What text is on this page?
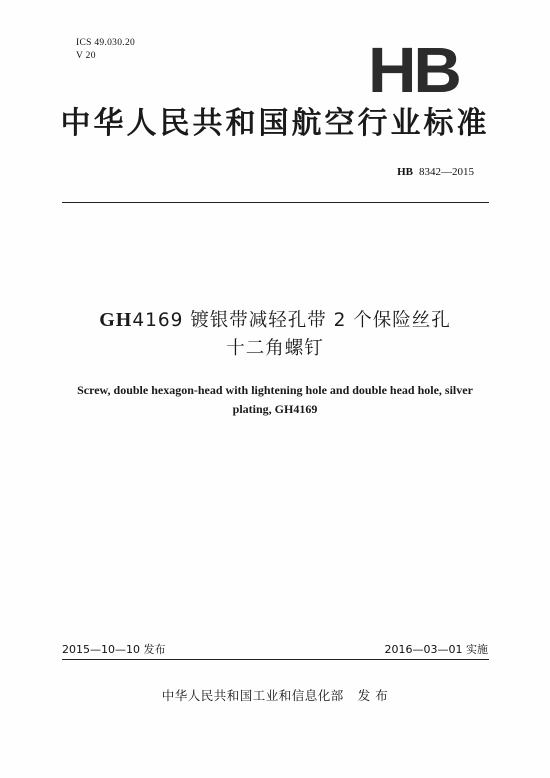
ICS 49.030.20
V 20	HB
中华人民共和国航空行业标准
HB 8342—2015
GH4169 镀银带减轻孔带 2 个保险丝孔
十二角螺钉
Screw, double hexagon-head with lightening hole and double head hole, silver
plating, GH4169
2015—10—10 发布	2016—03—01 实施
中华人民共和国工业和信息化部 发 布
